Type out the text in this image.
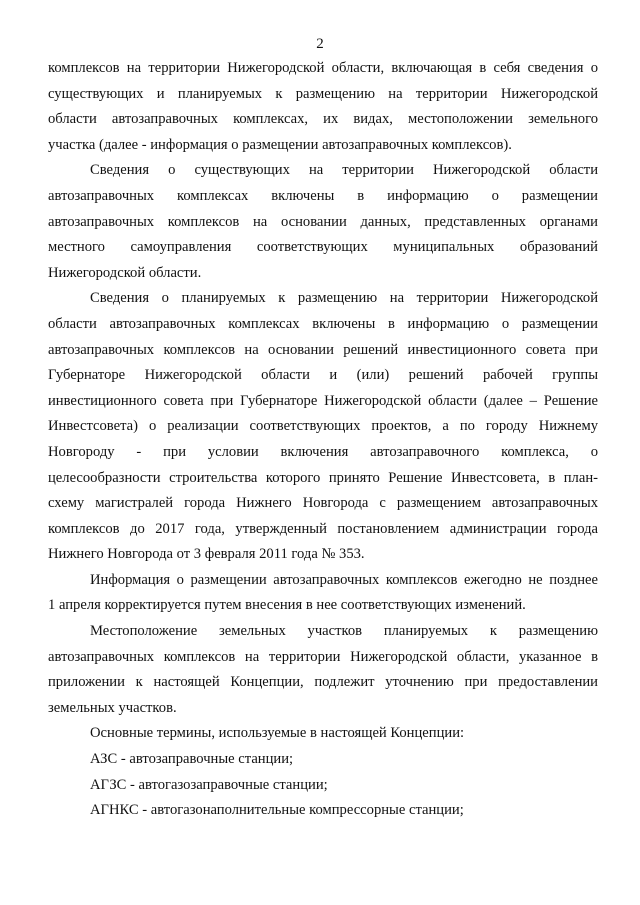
2
комплексов на территории Нижегородской области, включающая в себя сведения о
существующих и планируемых к размещению на территории Нижегородской
области автозаправочных комплексах, их видах, местоположении земельного
участка (далее - информация о размещении автозаправочных комплексов).
Сведения о существующих на территории Нижегородской области
автозаправочных комплексах включены в информацию о размещении
автозаправочных комплексов на основании данных, представленных органами
местного самоуправления соответствующих муниципальных образований
Нижегородской области.
Сведения о планируемых к размещению на территории Нижегородской
области автозаправочных комплексах включены в информацию о размещении
автозаправочных комплексов на основании решений инвестиционного совета при
Губернаторе Нижегородской области и (или) решений рабочей группы
инвестиционного совета при Губернаторе Нижегородской области (далее – Решение
Инвестсовета) о реализации соответствующих проектов, а по городу Нижнему
Новгороду - при условии включения автозаправочного комплекса, о
целесообразности строительства которого принято Решение Инвестсовета, в план-
схему магистралей города Нижнего Новгорода с размещением автозаправочных
комплексов до 2017 года, утвержденный постановлением администрации города
Нижнего Новгорода от 3 февраля 2011 года № 353.
Информация о размещении автозаправочных комплексов ежегодно не позднее
1 апреля корректируется путем внесения в нее соответствующих изменений.
Местоположение земельных участков планируемых к размещению
автозаправочных комплексов на территории Нижегородской области, указанное в
приложении к настоящей Концепции, подлежит уточнению при предоставлении
земельных участков.
Основные термины, используемые в настоящей Концепции:
АЗС - автозаправочные станции;
АГЗС - автогазозаправочные станции;
АГНКС - автогазонаполнительные компрессорные станции;
